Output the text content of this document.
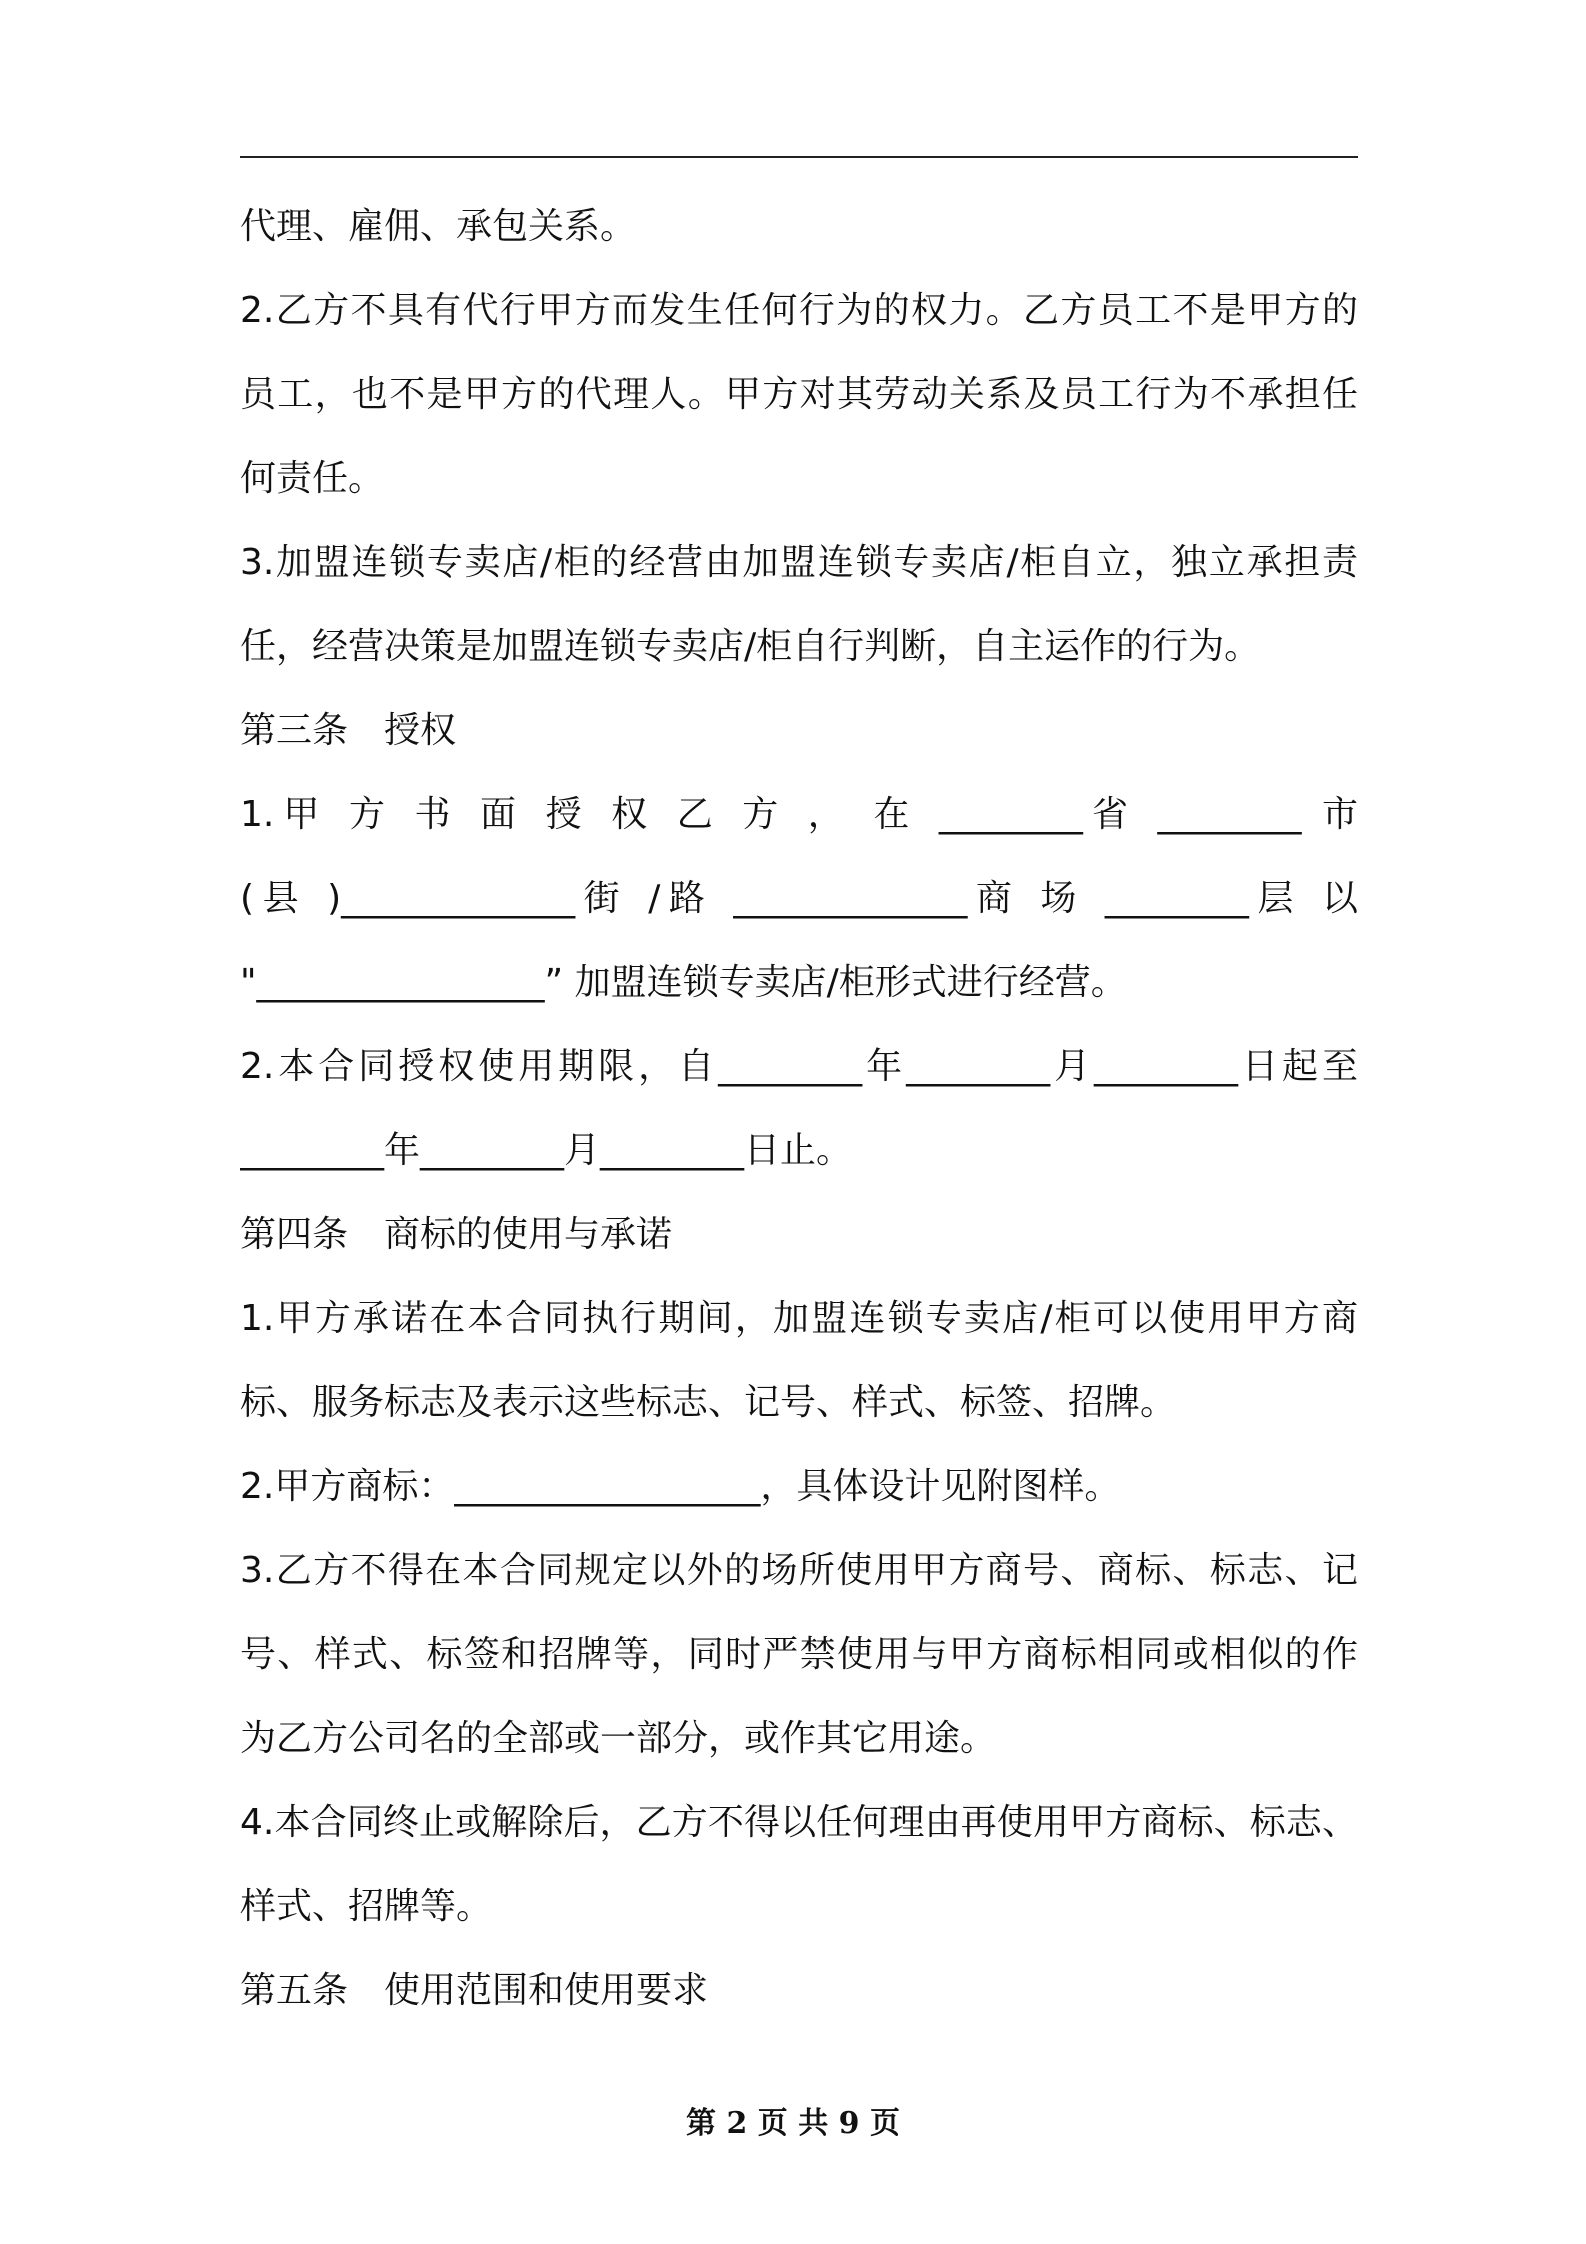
代理、雇佣、承包关系。
2.乙方不具有代行甲方而发生任何行为的权力。乙方员工不是甲方的
员工，也不是甲方的代理人。甲方对其劳动关系及员工行为不承担任
何责任。
3.加盟连锁专卖店/柜的经营由加盟连锁专卖店/柜自立，独立承担责
任，经营决策是加盟连锁专卖店/柜自行判断，自主运作的行为。
第三条　授权
1.甲 方 书 面 授 权 乙 方 ， 在 ________省 ________ 市
(县 )_____________街 /路 _____________商 场 ________层 以
"________________” 加盟连锁专卖店/柜形式进行经营。
2.本合同授权使用期限，自________年________月________日起至
________年________月________日止。
第四条　商标的使用与承诺
1.甲方承诺在本合同执行期间，加盟连锁专卖店/柜可以使用甲方商
标、服务标志及表示这些标志、记号、样式、标签、招牌。
2.甲方商标：_________________，具体设计见附图样。
3.乙方不得在本合同规定以外的场所使用甲方商号、商标、标志、记
号、样式、标签和招牌等，同时严禁使用与甲方商标相同或相似的作
为乙方公司名的全部或一部分，或作其它用途。
4.本合同终止或解除后，乙方不得以任何理由再使用甲方商标、标志、
样式、招牌等。
第五条　使用范围和使用要求
第 2 页 共 9 页
